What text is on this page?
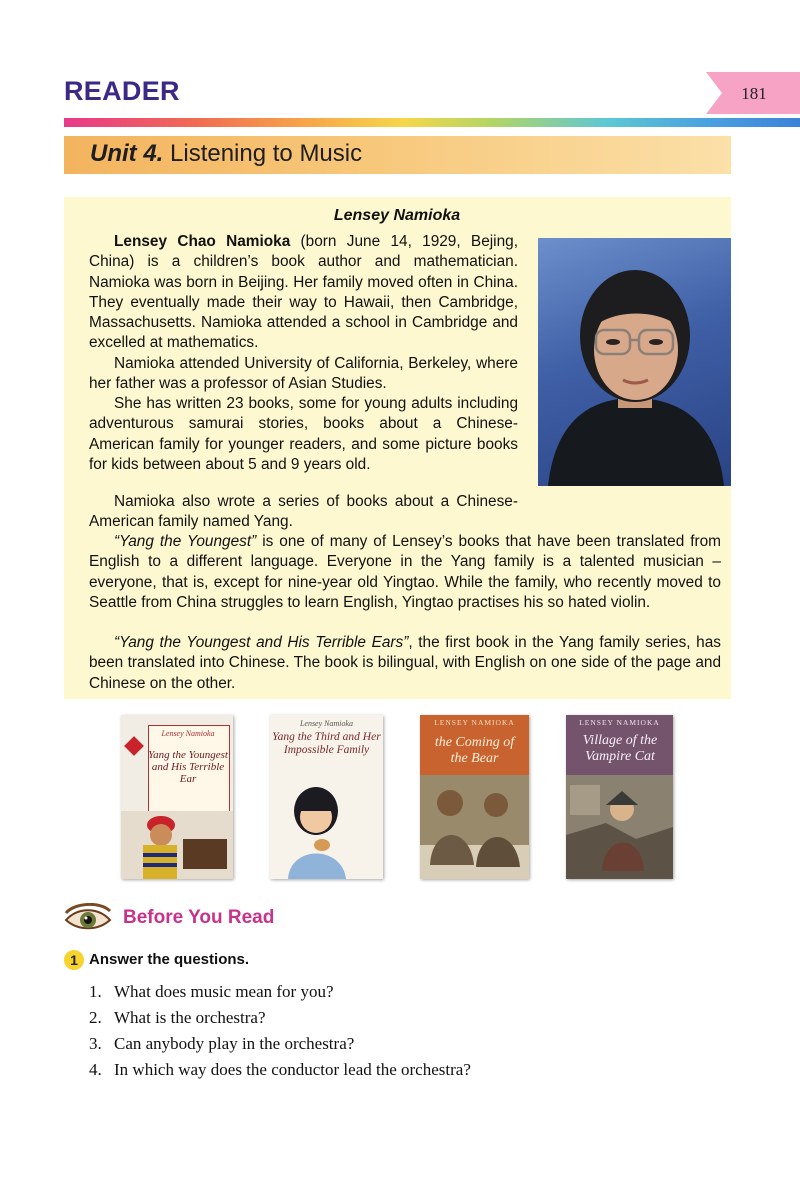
READER	181
Unit 4. Listening to Music
Lensey Namioka

Lensey Chao Namioka (born June 14, 1929, Bejing, China) is a children’s book author and mathematician. Namioka was born in Beijing. Her family moved often in China. They eventually made their way to Hawaii, then Cambridge, Massachusetts. Namioka attended a school in Cambridge and excelled at mathematics.

Namioka attended University of California, Berkeley, where her father was a professor of Asian Studies.

She has written 23 books, some for young adults including adventurous samurai stories, books about a Chinese-American family for younger readers, and some picture books for kids between about 5 and 9 years old.

Namioka also wrote a series of books about a Chinese-American family named Yang.

“Yang the Youngest” is one of many of Lensey’s books that have been translated from English to a different language. Everyone in the Yang family is a talented musician – everyone, that is, except for nine-year old Yingtao. While the family, who recently moved to Seattle from China struggles to learn English, Yingtao practises his so hated violin.

“Yang the Youngest and His Terrible Ears”, the first book in the Yang family series, has been translated into Chinese. The book is bilingual, with English on one side of the page and Chinese on the other.

Lensey Namioka
Yang the Youngest and His Terrible Ear
Lensey Namioka
Yang the Third and Her Impossible Family
LENSEY NAMIOKA
the Coming of the Bear
LENSEY NAMIOKA
Village of the Vampire Cat
Before You Read
1 Answer the questions.
1. What does music mean for you?
2. What is the orchestra?
3. Can anybody play in the orchestra?
4. In which way does the conductor lead the orchestra?
